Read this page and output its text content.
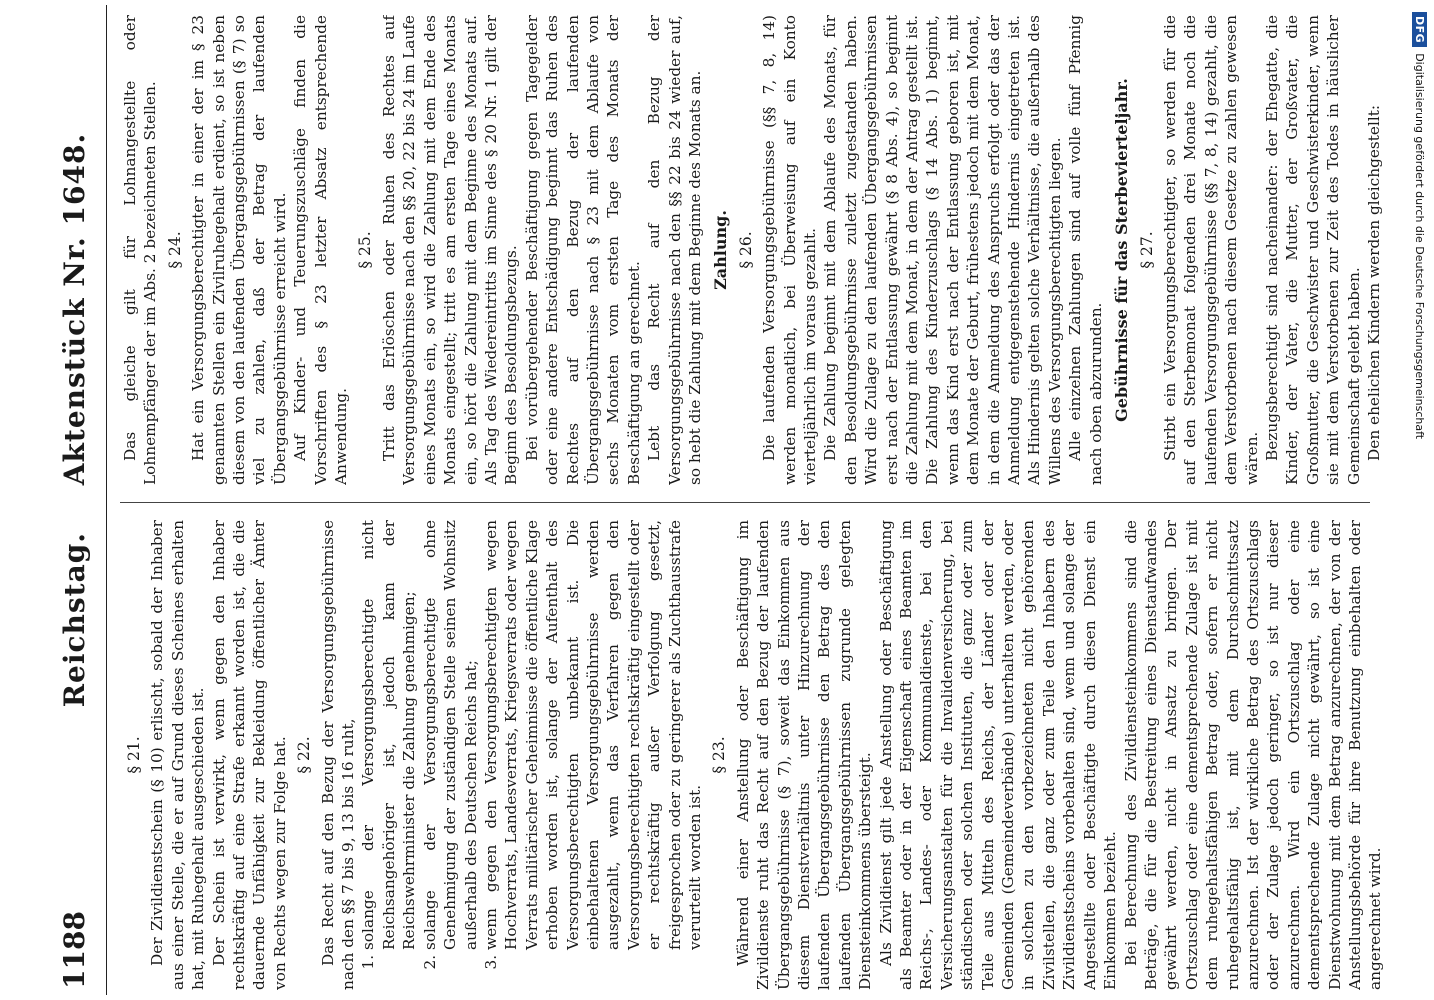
1188
Reichstag. Aktenstück Nr. 1648.
§ 21. Der Zivildienstschein (§ 10) erlischt, sobald der Inhaber aus einer Stelle, die er auf Grund dieses Scheines erhalten hat, mit Ruhegehalt ausgeschieden ist. Der Schein ist verwirkt, wenn gegen den Inhaber rechtskräftig auf eine Strafe erkannt worden ist, die die dauernde Unfähigkeit zur Bekleidung öffentlicher Ämter von Rechts wegen zur Folge hat. § 22. Das Recht auf den Bezug der Versorgungsgebührnisse nach den §§ 7 bis 9, 13 bis 16 ruht, 1. solange der Versorgungsberechtigte nicht Reichsangehöriger ist, jedoch kann der Reichswehrminister die Zahlung genehmigen; 2. solange der Versorgungsberechtigte ohne Genehmigung der zuständigen Stelle seinen Wohnsitz außerhalb des Deutschen Reichs hat; 3. wenn gegen den Versorgungsberechtigten wegen Hochverrats, Landesverrats, Kriegsverrats oder wegen Verrats militärischer Geheimnisse die öffentliche Klage erhoben worden ist, solange der Aufenthalt des Versorgungsberechtigten unbekannt ist. Die einbehaltenen Versorgungsgebührnisse werden ausgezahlt, wenn das Verfahren gegen den Versorgungsberechtigten rechtskräftig eingestellt oder er rechtskräftig außer Verfolgung gesetzt, freigesprochen oder zu geringerer als Zuchthausstrafe verurteilt worden ist.
§ 23. Während einer Anstellung oder Beschäftigung im Zivildienste ruht das Recht auf den Bezug der laufenden Übergangsgebührnisse (§ 7), soweit das Einkommen aus diesem Dienstverhältnis unter Hinzurechnung der laufenden Übergangsgebührnisse den Betrag des den laufenden Übergangsgebührnissen zugrunde gelegten Diensteinkommens übersteigt. Als Zivildienst gilt jede Anstellung oder Beschäftigung als Beamter oder in der Eigenschaft eines Beamten im Reichs-, Landes- oder Kommunaldienste, bei den Versicherungsanstalten für die Invalidenversicherung, bei ständischen oder solchen Instituten, die ganz oder zum Teile aus Mitteln des Reichs, der Länder oder der Gemeinden (Gemeindeverbände) unterhalten werden, oder in solchen zu den vorbezeichneten nicht gehörenden Zivilstellen, die ganz oder zum Teile den Inhabern des Zivildienstscheins vorbehalten sind, wenn und solange der Angestellte oder Beschäftigte durch diesen Dienst ein Einkommen bezieht. Bei Berechnung des Zivildiensteinkommens sind die Beträge, die für die Bestreitung eines Dienstaufwandes gewährt werden, nicht in Ansatz zu bringen. Der Ortszuschlag oder eine dementsprechende Zulage ist mit dem ruhegehaltsfähigen Betrag oder, sofern er nicht ruhegehaltsfähig ist, mit dem Durchschnittssatz anzurechnen. Ist der wirkliche Betrag des Ortszuschlags oder der Zulage jedoch geringer, so ist nur dieser anzurechnen. Wird ein Ortszuschlag oder eine dementsprechende Zulage nicht gewährt, so ist eine Dienstwohnung mit dem Betrag anzurechnen, der von der Anstellungsbehörde für ihre Benutzung einbehalten oder angerechnet wird.

Das gleiche gilt für Lohnangestellte oder Lohnempfänger der im Abs. 2 bezeichneten Stellen. § 24. Hat ein Versorgungsberechtigter in einer der im § 23 genannten Stellen ein Zivilruhegehalt erdient, so ist neben diesem von den laufenden Übergangsgebührnissen (§ 7) so viel zu zahlen, daß der Betrag der laufenden Übergangsgebührnisse erreicht wird. Auf Kinder- und Teuerungszuschläge finden die Vorschriften des § 23 letzter Absatz entsprechende Anwendung.

§ 25. Tritt das Erlöschen oder Ruhen des Rechtes auf Versorgungsgebührnisse nach den §§ 20, 22 bis 24 im Laufe eines Monats ein, so wird die Zahlung mit dem Ende des Monats eingestellt; tritt es am ersten Tage eines Monats ein, so hört die Zahlung mit dem Beginne des Monats auf. Als Tag des Wiedereintritts im Sinne des § 20 Nr. 1 gilt der Beginn des Besoldungsbezugs. Bei vorübergehender Beschäftigung gegen Tagegelder oder eine andere Entschädigung beginnt das Ruhen des Rechtes auf den Bezug der laufenden Übergangsgebührnisse nach § 23 mit dem Ablaufe von sechs Monaten vom ersten Tage des Monats der Beschäftigung an gerechnet. Lebt das Recht auf den Bezug der Versorgungsgebührnisse nach den §§ 22 bis 24 wieder auf, so hebt die Zahlung mit dem Beginne des Monats an. Zahlung. § 26. Die laufenden Versorgungsgebührnisse (§§ 7, 8, 14) werden monatlich, bei Überweisung auf ein Konto vierteljährlich im voraus gezahlt. Die Zahlung beginnt mit dem Ablaufe des Monats, für den Besoldungsgebührnisse zuletzt zugestanden haben. Wird die Zulage zu den laufenden Übergangsgebührnissen erst nach der Entlassung gewährt (§ 8 Abs. 4), so beginnt die Zahlung mit dem Monat, in dem der Antrag gestellt ist. Die Zahlung des Kinderzuschlags (§ 14 Abs. 1) beginnt, wenn das Kind erst nach der Entlassung geboren ist, mit dem Monate der Geburt, frühestens jedoch mit dem Monat, in dem die Anmeldung des Anspruchs erfolgt oder das der Anmeldung entgegenstehende Hindernis eingetreten ist. Als Hindernis gelten solche Verhältnisse, die außerhalb des Willens des Versorgungsberechtigten liegen. Alle einzelnen Zahlungen sind auf volle fünf Pfennig nach oben abzurunden. Gebührnisse für das Sterbevierteljahr. § 27. Stirbt ein Versorgungsberechtigter, so werden für die auf den Sterbemonat folgenden drei Monate noch die laufenden Versorgungsgebührnisse (§§ 7, 8, 14) gezahlt, die dem Verstorbenen nach diesem Gesetze zu zahlen gewesen wären. Bezugsberechtigt sind nacheinander: der Ehegatte, die Kinder, der Vater, die Mutter, der Großvater, die Großmutter, die Geschwister und Geschwisterkinder, wenn sie mit dem Verstorbenen zur Zeit des Todes in häuslicher Gemeinschaft gelebt haben. Den ehelichen Kindern werden gleichgestellt:

1.
DFG
Digitalisierung gefördert durch die Deutsche Forschungsgemeinschaft
